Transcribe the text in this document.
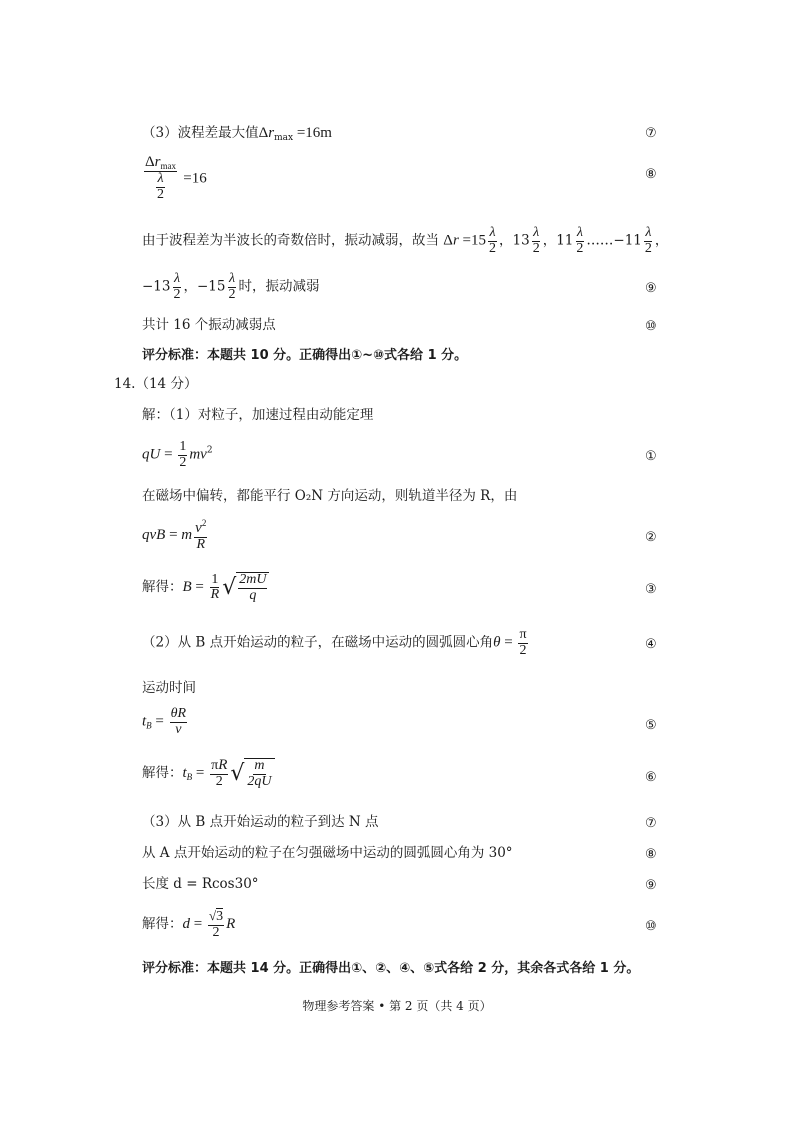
（3）波程差最大值$\Delta r_{max} =16m$	⑦
$\frac{\Delta r_{max}}{\frac{\lambda}{2}} =16$	⑧
由于波程差为半波长的奇数倍时，振动减弱，故当 $\Delta r =15 \frac{\lambda}{2}$ ，$13 \frac{\lambda}{2}$ ，$11 \frac{\lambda}{2}$ ……−11 $\frac{\lambda}{2}$ ，
$-13 \frac{\lambda}{2}$ ，$-15 \frac{\lambda}{2}$ 时，振动减弱	⑨
共计 16 个振动减弱点	⑩
评分标准：本题共 10 分。正确得出①~⑩式各给 1 分。
14.（14 分）
解：（1）对粒子，加速过程由动能定理
qU = $\frac{1}{2} mv^2$	①
在磁场中偏转，都能平行 O₂N 方向运动，则轨道半径为 R，由
qvB = m $\frac{v^2}{R}$	②
解得：$B = \frac{1}{R}$ √ $\frac{2mU}{q}$	③
（2）从 B 点开始运动的粒子，在磁场中运动的圆弧圆心角$\theta = \frac{\pi}{2}$	④
运动时间
$t_B = \frac{\theta R}{v}$	⑤
解得：$t_B = \frac{\pi R}{2}$ √ $\frac{m}{2qU}$	⑥
（3）从 B 点开始运动的粒子到达 N 点	⑦
从 A 点开始运动的粒子在匀强磁场中运动的圆弧圆心角为 30°	⑧
长度 d = Rcos30°	⑨
解得：$d = \frac{√3}{2}$ R	⑩
评分标准：本题共 14 分。正确得出①、②、④、⑤式各给 2 分，其余各式各给 1 分。
物理参考答案 • 第 2 页（共 4 页）
